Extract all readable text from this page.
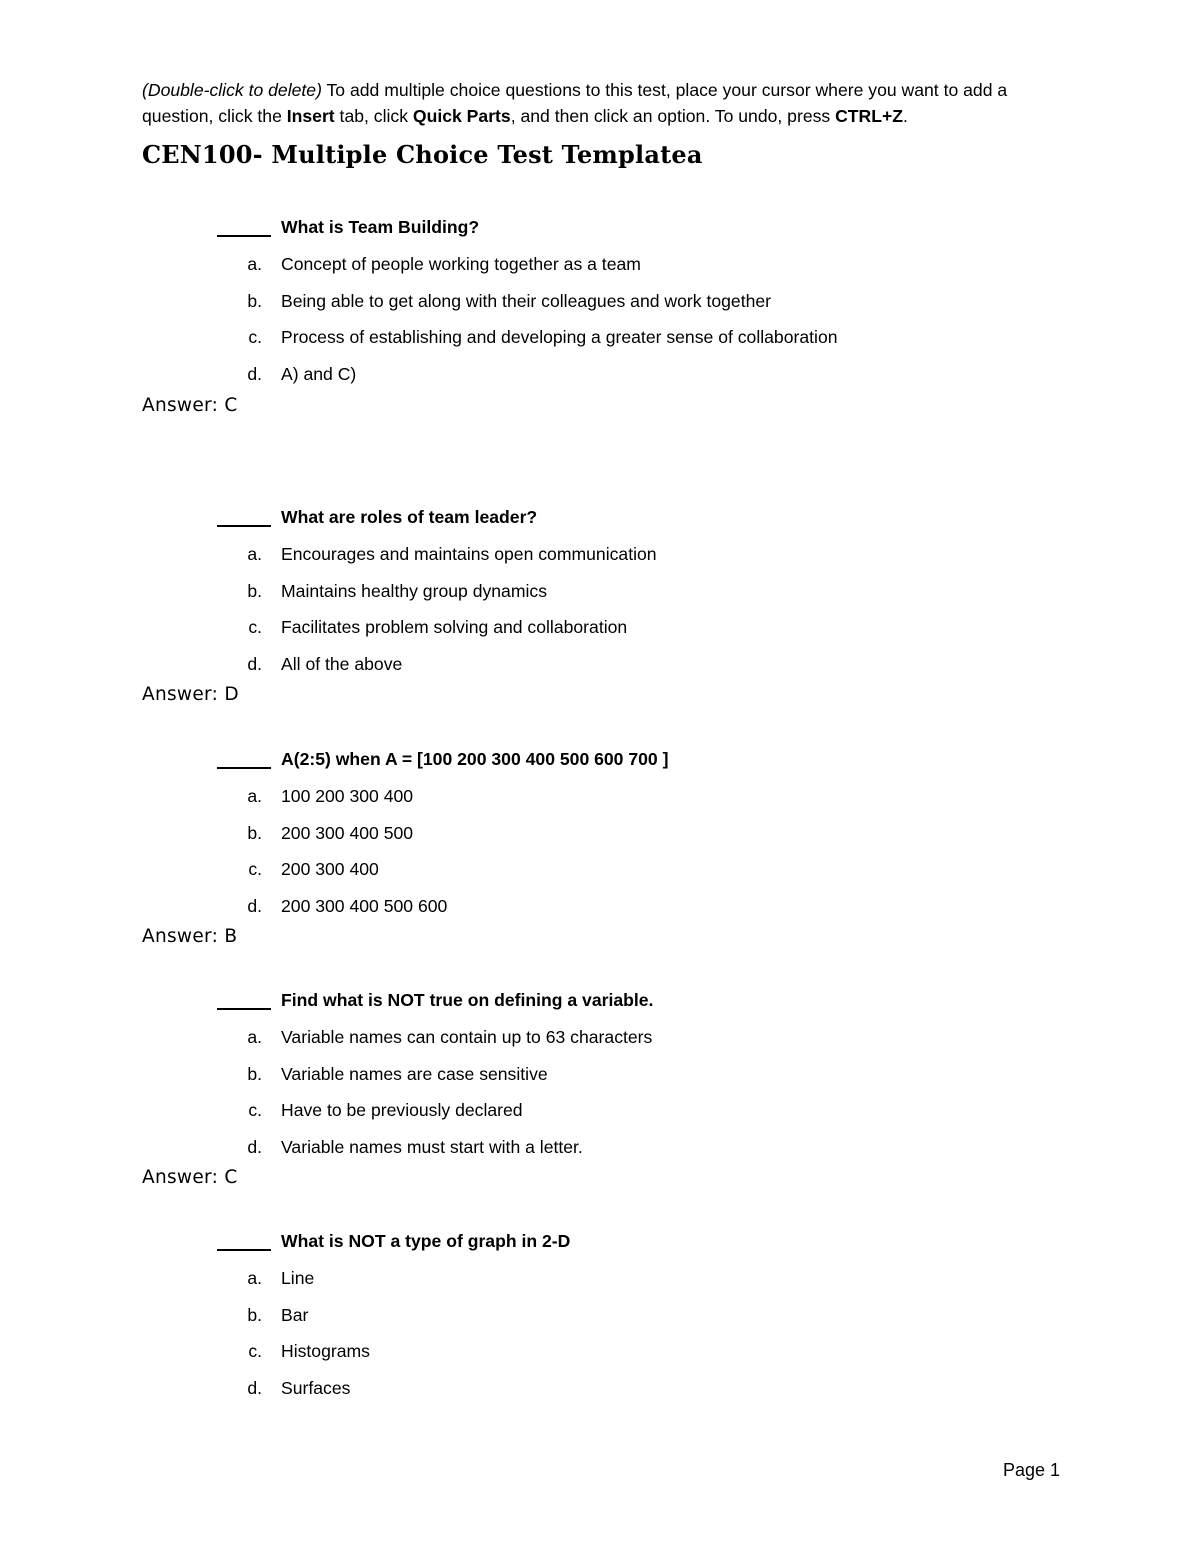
(Double-click to delete) To add multiple choice questions to this test, place your cursor where you want to add a question, click the Insert tab, click Quick Parts, and then click an option. To undo, press CTRL+Z.

CEN100- Multiple Choice Test Templatea
What is Team Building?
a. Concept of people working together as a team
b. Being able to get along with their colleagues and work together
c. Process of establishing and developing a greater sense of collaboration
d. A) and C)
Answer: C
What are roles of team leader?
a. Encourages and maintains open communication
b. Maintains healthy group dynamics
c. Facilitates problem solving and collaboration
d. All of the above
Answer: D
A(2:5) when A = [100 200 300 400 500 600 700 ]
a. 100 200 300 400
b. 200 300 400 500
c. 200 300 400
d. 200 300 400 500 600
Answer: B
Find what is NOT true on defining a variable.
a. Variable names can contain up to 63 characters
b. Variable names are case sensitive
c. Have to be previously declared
d. Variable names must start with a letter.
Answer: C
What is NOT a type of graph in 2-D
a. Line
b. Bar
c. Histograms
d. Surfaces
Page 1
